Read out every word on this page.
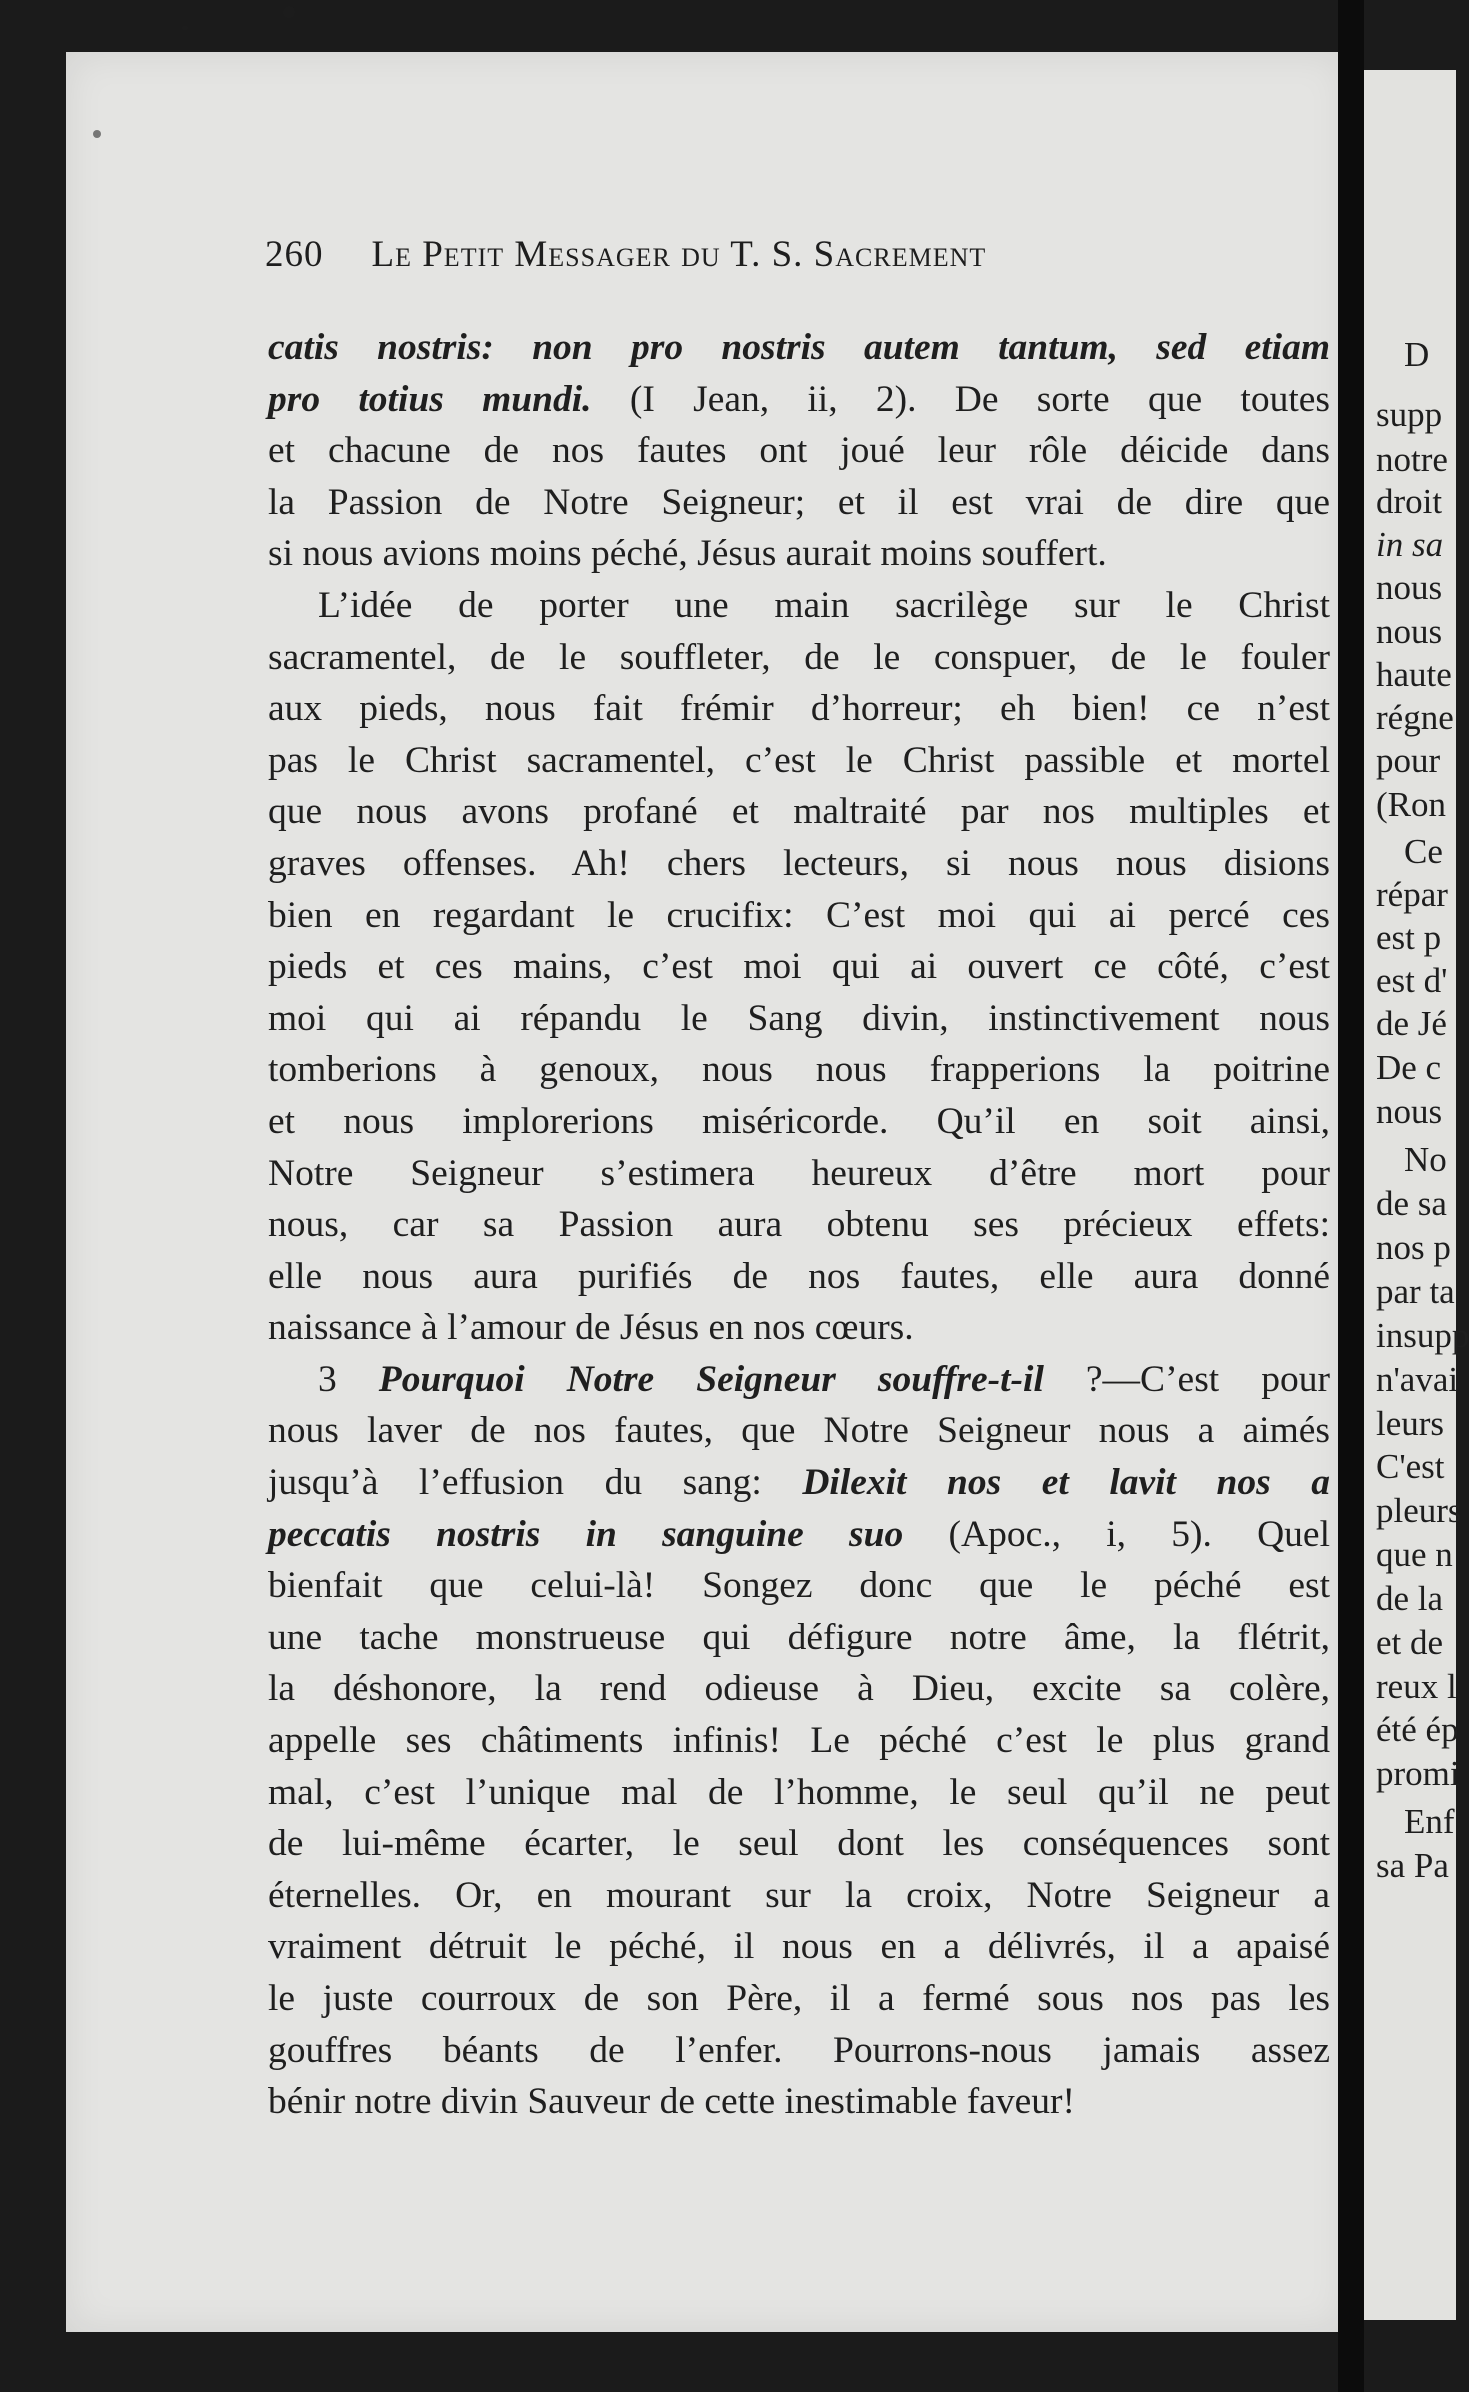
D
supp
notre
droit
in sa
nous
nous
haute
régne
pour
(Ron
Ce
répar
est p
est d'
de Jé
De c
nous
No
de sa
nos p
par ta
insupp
n'avai
leurs
C'est
pleurs
que n
de la
et de
reux l
été ép
promi
Enf
sa Pa
260 Le Petit Messager du T. S. Sacrement
catis nostris: non pro nostris autem tantum, sed etiam
pro totius mundi. (I Jean, ii, 2). De sorte que toutes
et chacune de nos fautes ont joué leur rôle déicide dans
la Passion de Notre Seigneur; et il est vrai de dire que
si nous avions moins péché, Jésus aurait moins souffert.
L’idée de porter une main sacrilège sur le Christ
sacramentel, de le souffleter, de le conspuer, de le fouler
aux pieds, nous fait frémir d’horreur; eh bien! ce n’est
pas le Christ sacramentel, c’est le Christ passible et mortel
que nous avons profané et maltraité par nos multiples et
graves offenses. Ah! chers lecteurs, si nous nous disions
bien en regardant le crucifix: C’est moi qui ai percé ces
pieds et ces mains, c’est moi qui ai ouvert ce côté, c’est
moi qui ai répandu le Sang divin, instinctivement nous
tomberions à genoux, nous nous frapperions la poitrine
et nous implorerions miséricorde. Qu’il en soit ainsi,
Notre Seigneur s’estimera heureux d’être mort pour
nous, car sa Passion aura obtenu ses précieux effets:
elle nous aura purifiés de nos fautes, elle aura donné
naissance à l’amour de Jésus en nos cœurs.
3 Pourquoi Notre Seigneur souffre-t-il ?—C’est pour
nous laver de nos fautes, que Notre Seigneur nous a aimés
jusqu’à l’effusion du sang: Dilexit nos et lavit nos a
peccatis nostris in sanguine suo (Apoc., i, 5). Quel
bienfait que celui-là! Songez donc que le péché est
une tache monstrueuse qui défigure notre âme, la flétrit,
la déshonore, la rend odieuse à Dieu, excite sa colère,
appelle ses châtiments infinis! Le péché c’est le plus grand
mal, c’est l’unique mal de l’homme, le seul qu’il ne peut
de lui-même écarter, le seul dont les conséquences sont
éternelles. Or, en mourant sur la croix, Notre Seigneur a
vraiment détruit le péché, il nous en a délivrés, il a apaisé
le juste courroux de son Père, il a fermé sous nos pas les
gouffres béants de l’enfer. Pourrons-nous jamais assez
bénir notre divin Sauveur de cette inestimable faveur!
